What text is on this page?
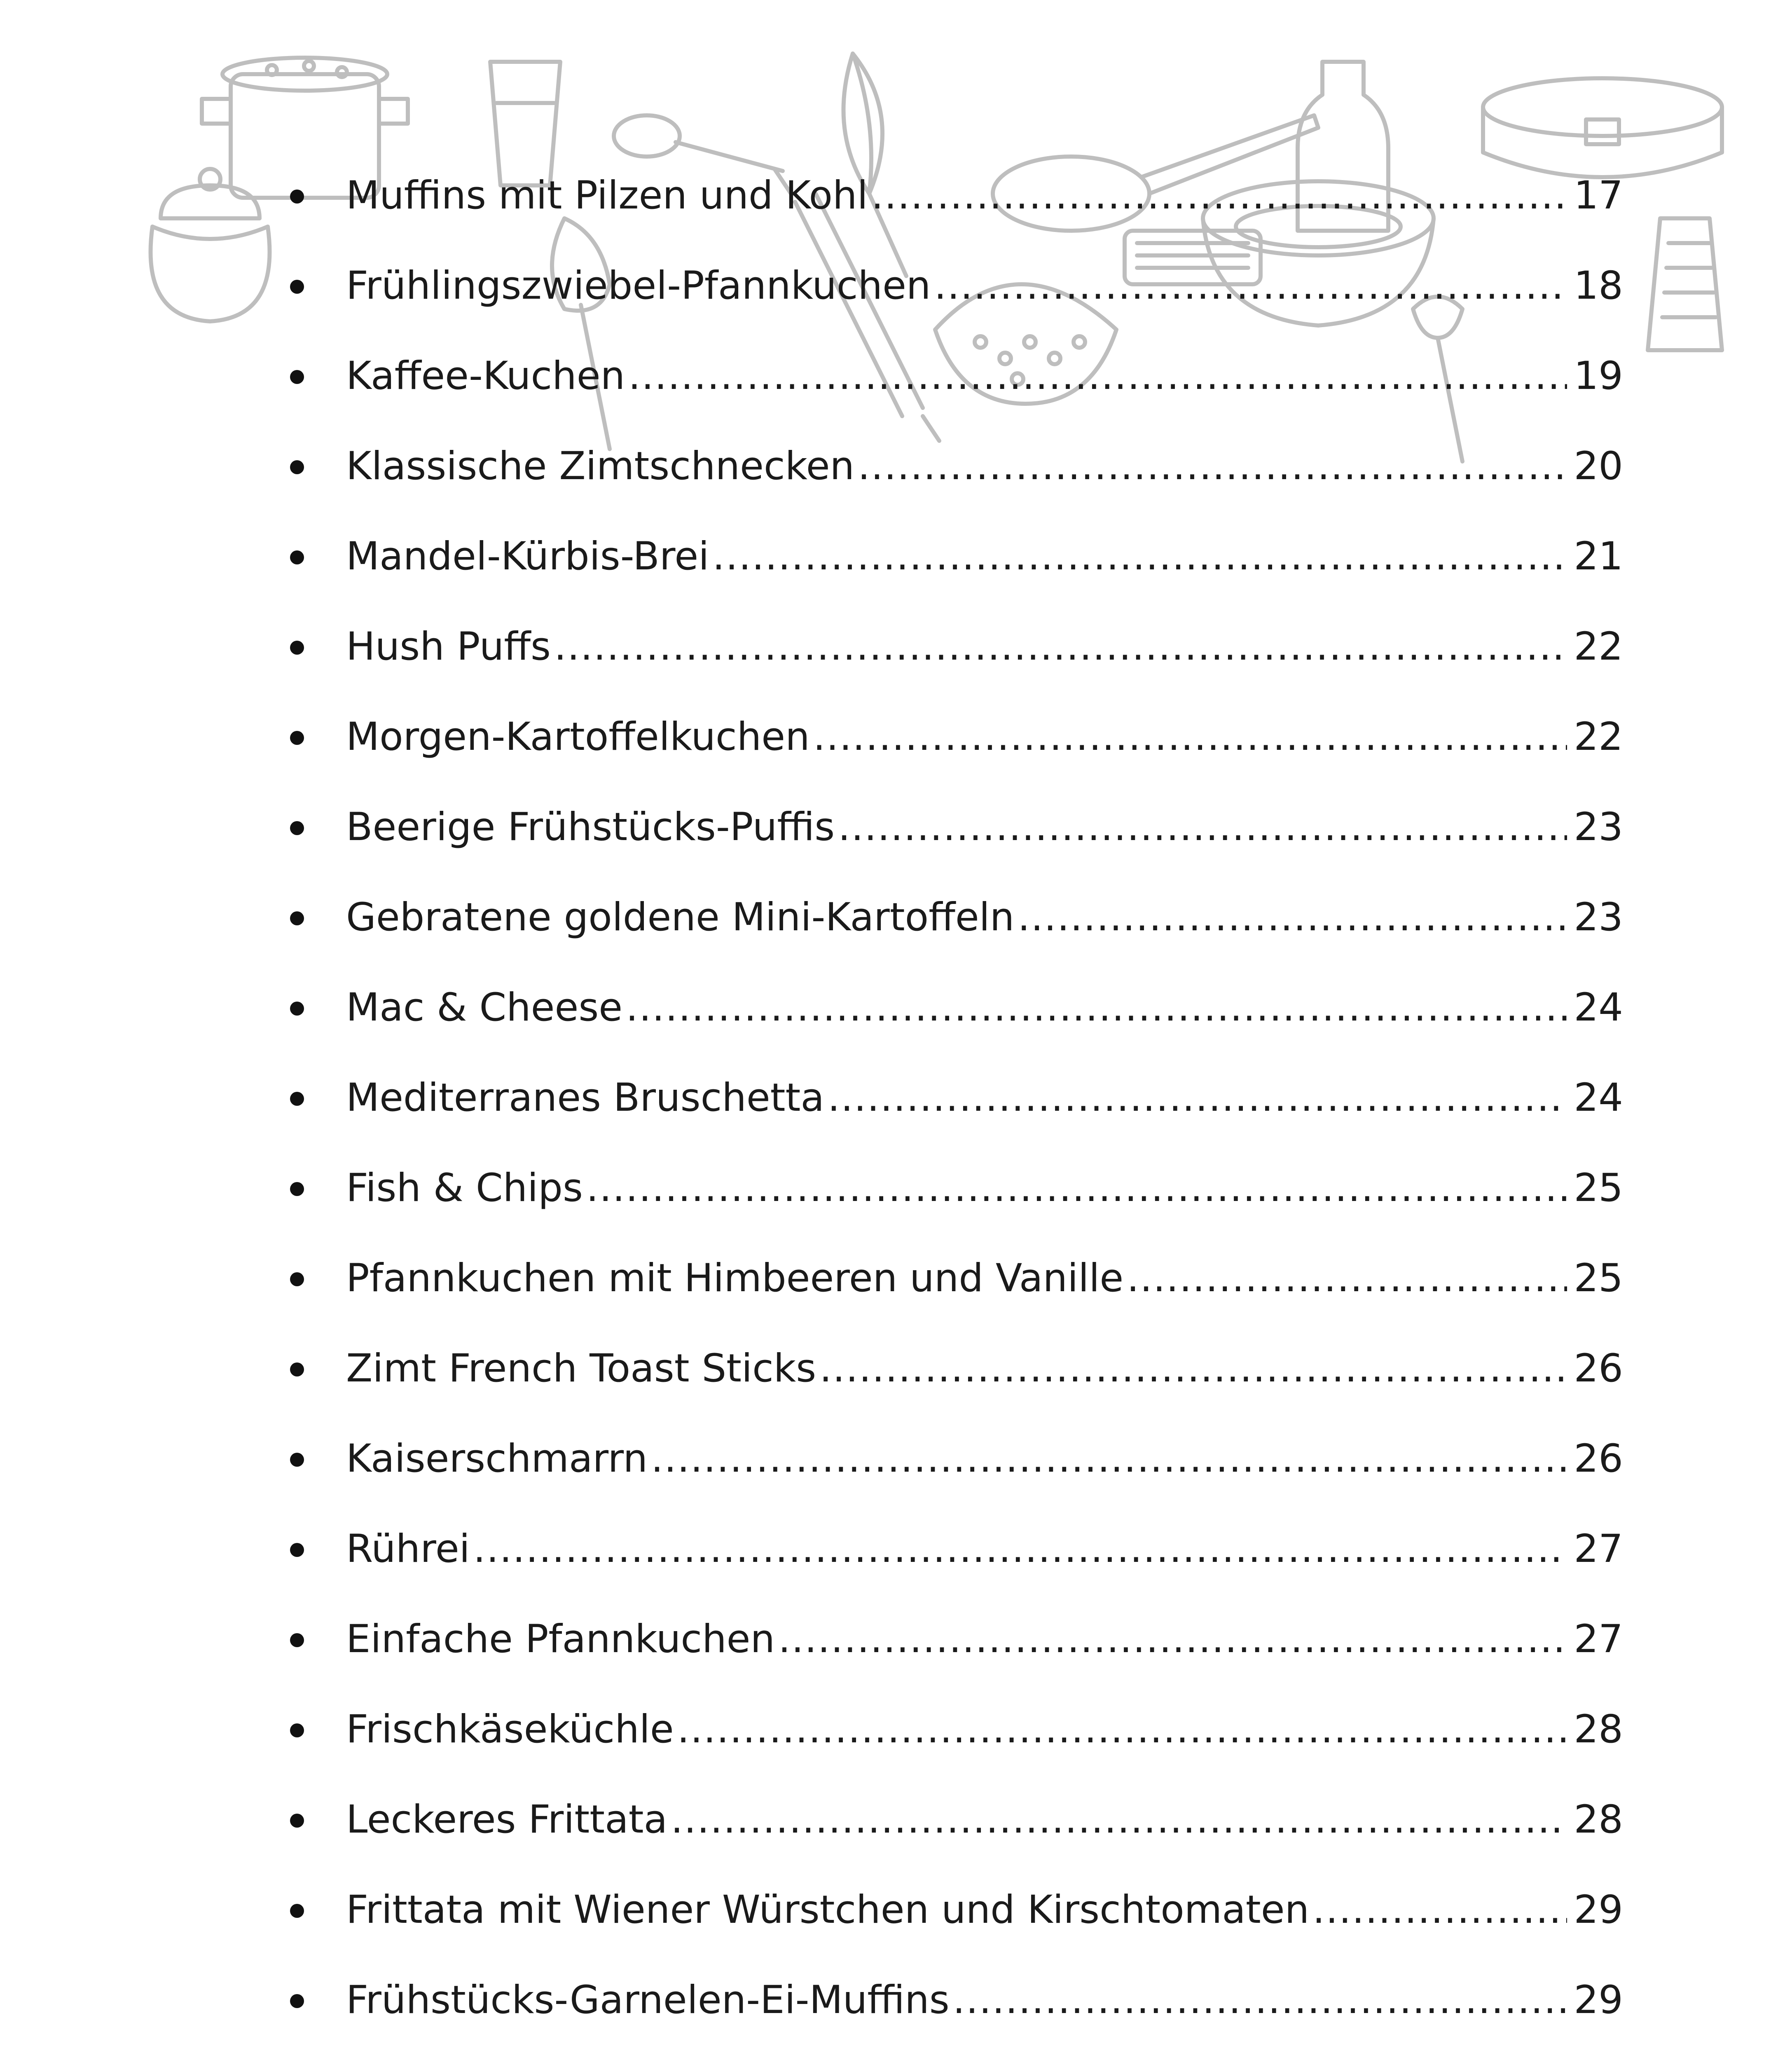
Muffins mit Pilzen und Kohl .....	17
Frühlingszwiebel-Pfannkuchen .....	18
Kaffee-Kuchen .....	19
Klassische Zimtschnecken .....	20
Mandel-Kürbis-Brei .....	21
Hush Puffs .....	22
Morgen-Kartoffelkuchen .....	22
Beerige Frühstücks-Puffis .....	23
Gebratene goldene Mini-Kartoffeln .....	23
Mac & Cheese .....	24
Mediterranes Bruschetta .....	24
Fish & Chips .....	25
Pfannkuchen mit Himbeeren und Vanille .....	25
Zimt French Toast Sticks .....	26
Kaiserschmarrn .....	26
Rührei .....	27
Einfache Pfannkuchen .....	27
Frischkäseküchle .....	28
Leckeres Frittata .....	28
Frittata mit Wiener Würstchen und Kirschtomaten .....	29
Frühstücks-Garnelen-Ei-Muffins .....	29
.....
